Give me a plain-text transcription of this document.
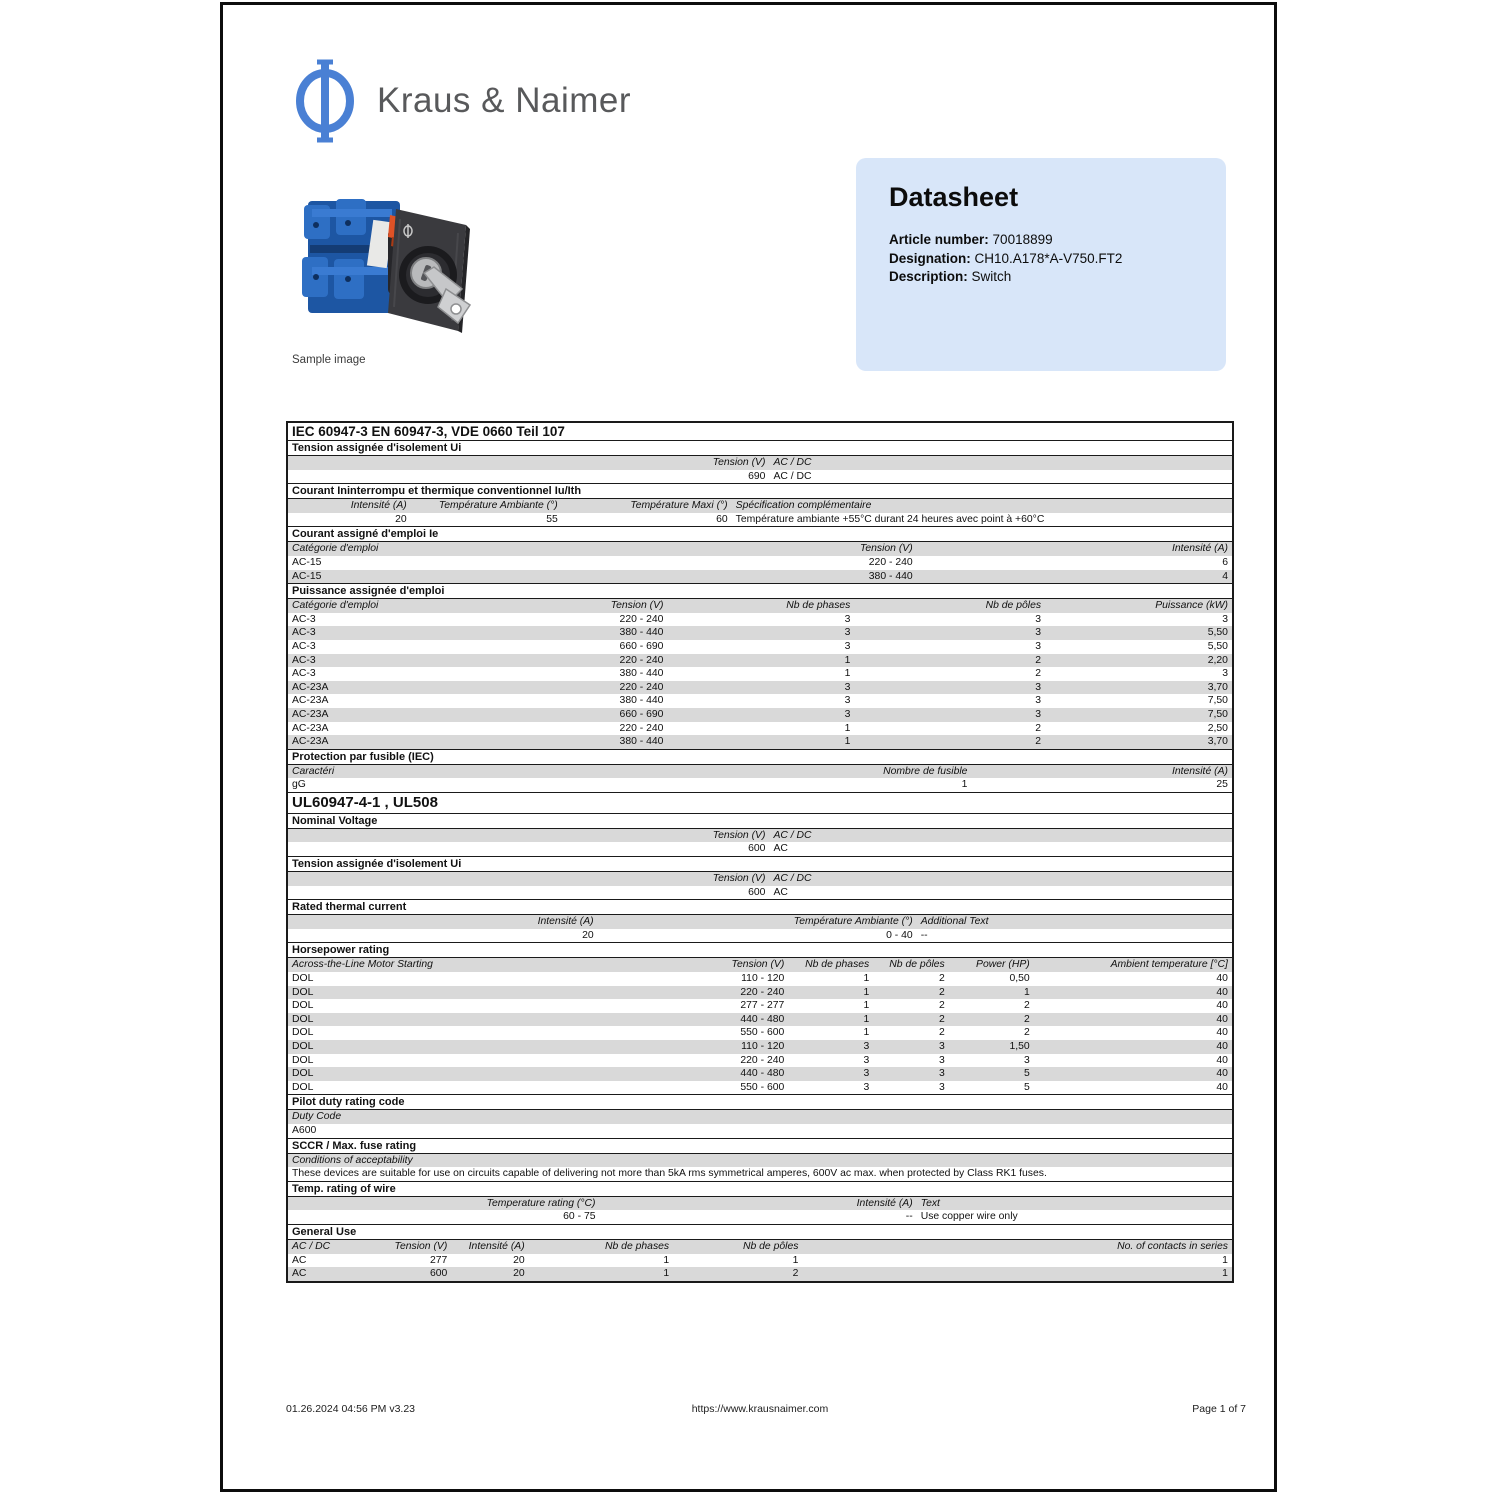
Kraus & Naimer
Sample image
Datasheet
Article number: 70018899
Designation: CH10.A178*A-V750.FT2
Description: Switch
IEC 60947-3 EN 60947-3, VDE 0660 Teil 107
Tension assignée d'isolement Ui
Tension (V) AC / DC
690 AC / DC
Courant Ininterrompu et thermique conventionnel Iu/Ith
Intensité (A)	Température Ambiante (°)	Température Maxi (°) Spécification complémentaire
20	55	60 Température ambiante +55°C durant 24 heures avec point à +60°C
Courant assigné d'emploi Ie
Catégorie d'emploi	Tension (V)	Intensité (A)
AC-15	220 - 240	6
AC-15	380 - 440	4
Puissance assignée d'emploi
Catégorie d'emploi	Tension (V)	Nb de phases	Nb de pôles	Puissance (kW)
AC-3	220 - 240	3	3	3
AC-3	380 - 440	3	3	5,50
AC-3	660 - 690	3	3	5,50
AC-3	220 - 240	1	2	2,20
AC-3	380 - 440	1	2	3
AC-23A	220 - 240	3	3	3,70
AC-23A	380 - 440	3	3	7,50
AC-23A	660 - 690	3	3	7,50
AC-23A	220 - 240	1	2	2,50
AC-23A	380 - 440	1	2	3,70
Protection par fusible (IEC)
Caractéri	Nombre de fusible	Intensité (A)
gG	1	25
UL60947-4-1 , UL508
Nominal Voltage
Tension (V) AC / DC
600 AC
Tension assignée d'isolement Ui
Tension (V) AC / DC
600 AC
Rated thermal current
Intensité (A)	Température Ambiante (°) Additional Text
20	0 - 40 --
Horsepower rating
Across-the-Line Motor Starting	Tension (V)	Nb de phases	Nb de pôles	Power (HP)	Ambient temperature [°C]
DOL	110 - 120	1	2	0,50	40
DOL	220 - 240	1	2	1	40
DOL	277 - 277	1	2	2	40
DOL	440 - 480	1	2	2	40
DOL	550 - 600	1	2	2	40
DOL	110 - 120	3	3	1,50	40
DOL	220 - 240	3	3	3	40
DOL	440 - 480	3	3	5	40
DOL	550 - 600	3	3	5	40
Pilot duty rating code
Duty Code
A600
SCCR / Max. fuse rating
Conditions of acceptability
These devices are suitable for use on circuits capable of delivering not more than 5kA rms symmetrical amperes, 600V ac max. when protected by Class RK1 fuses.
Temp. rating of wire
Temperature rating (°C)	Intensité (A) Text
60 - 75	-- Use copper wire only
General Use
AC / DC	Tension (V)	Intensité (A)	Nb de phases	Nb de pôles	No. of contacts in series
AC	277	20	1	1	1
AC	600	20	1	2	1
01.26.2024 04:56 PM v3.23	https://www.krausnaimer.com	Page 1 of 7
